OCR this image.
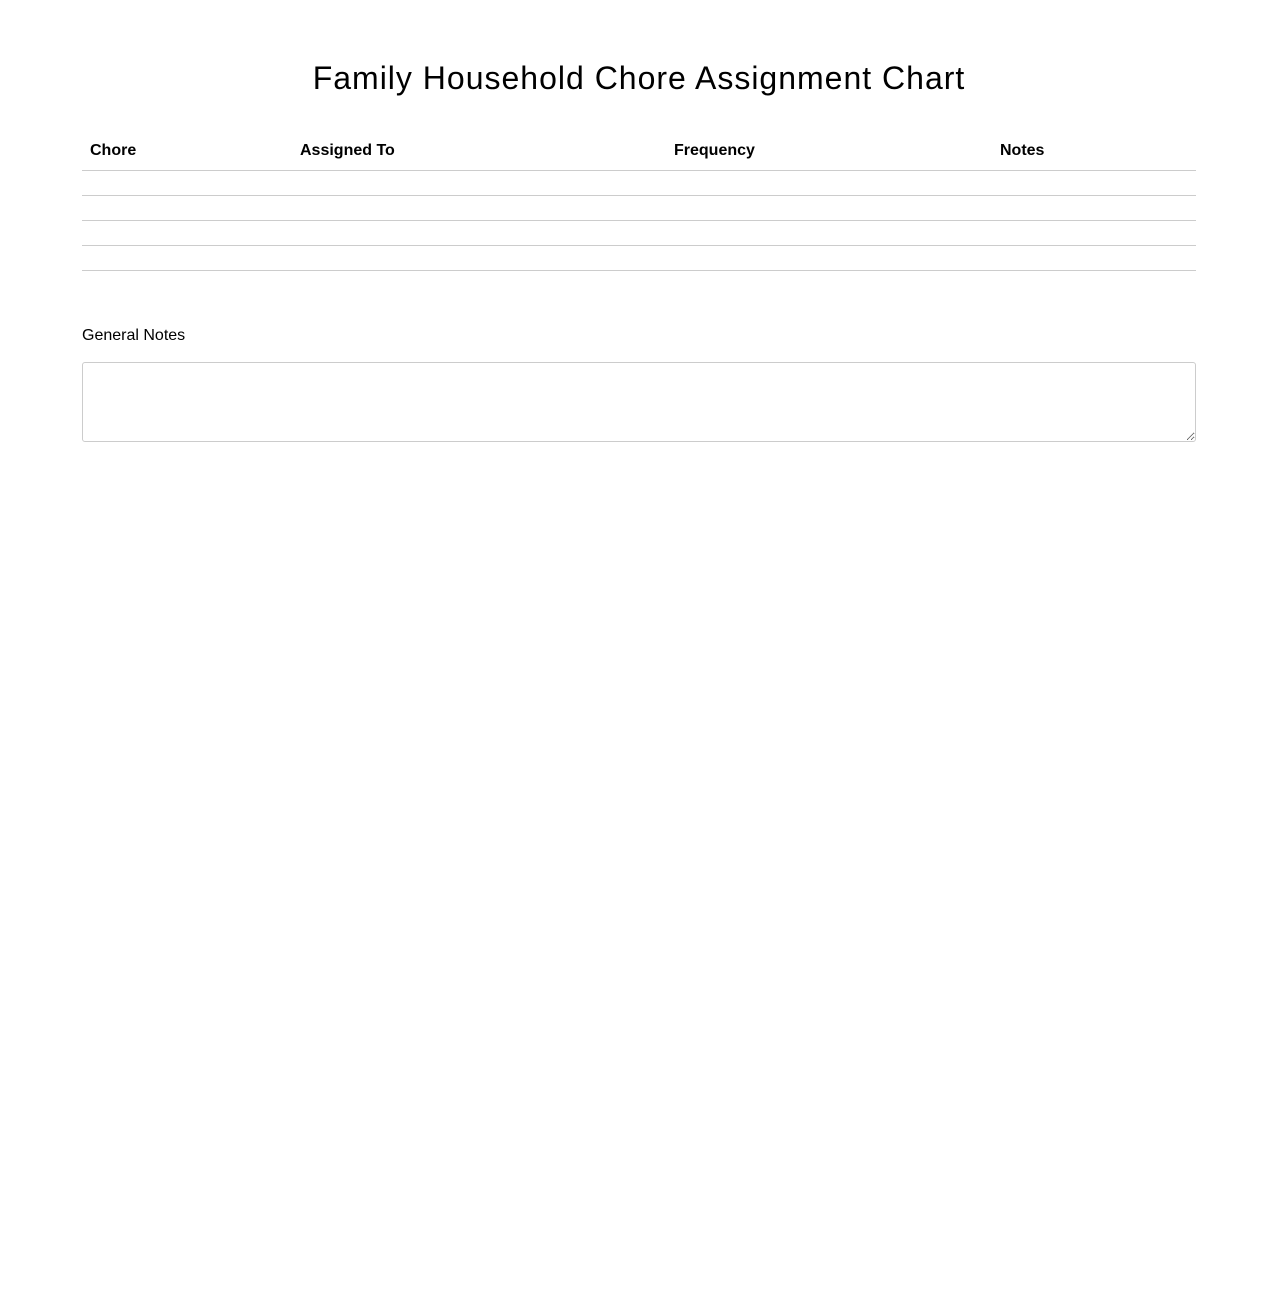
Family Household Chore Assignment Chart
Chore	Assigned To	Frequency	Notes

General Notes
